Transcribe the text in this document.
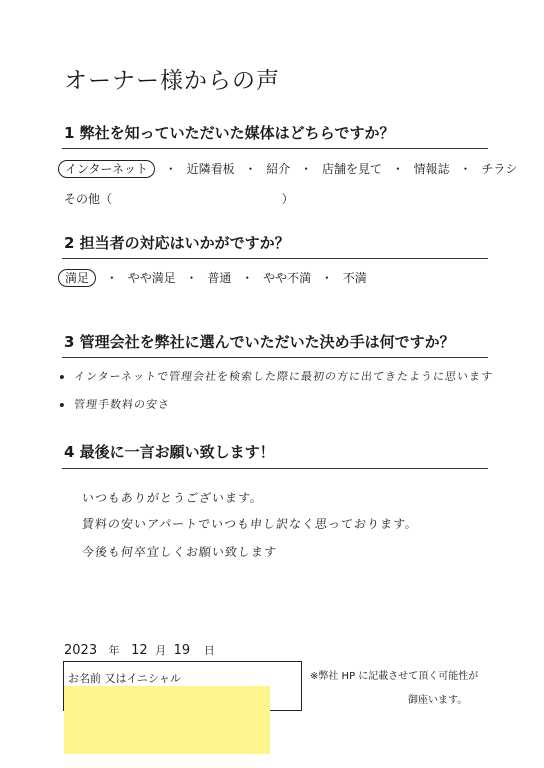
オーナー様からの声
1 弊社を知っていただいた媒体はどちらですか？
インターネット ・ 近隣看板 ・ 紹介 ・ 店舗を見て ・ 情報誌 ・ チラシ
その他（	）
2 担当者の対応はいかがですか？
満足 ・ やや満足 ・ 普通 ・ やや不満 ・ 不満
3 管理会社を弊社に選んでいただいた決め手は何ですか？
インターネットで管理会社を検索した際に最初の方に出てきたように思います
管理手数料の安さ
4 最後に一言お願い致します！
いつもありがとうございます。
賃料の安いアパートでいつも申し訳なく思っております。
今後も何卒宜しくお願い致します
2023 年 12 月 19 日
お名前 又はイニシャル	※弊社 HP に記載させて頂く可能性が
御座います。
